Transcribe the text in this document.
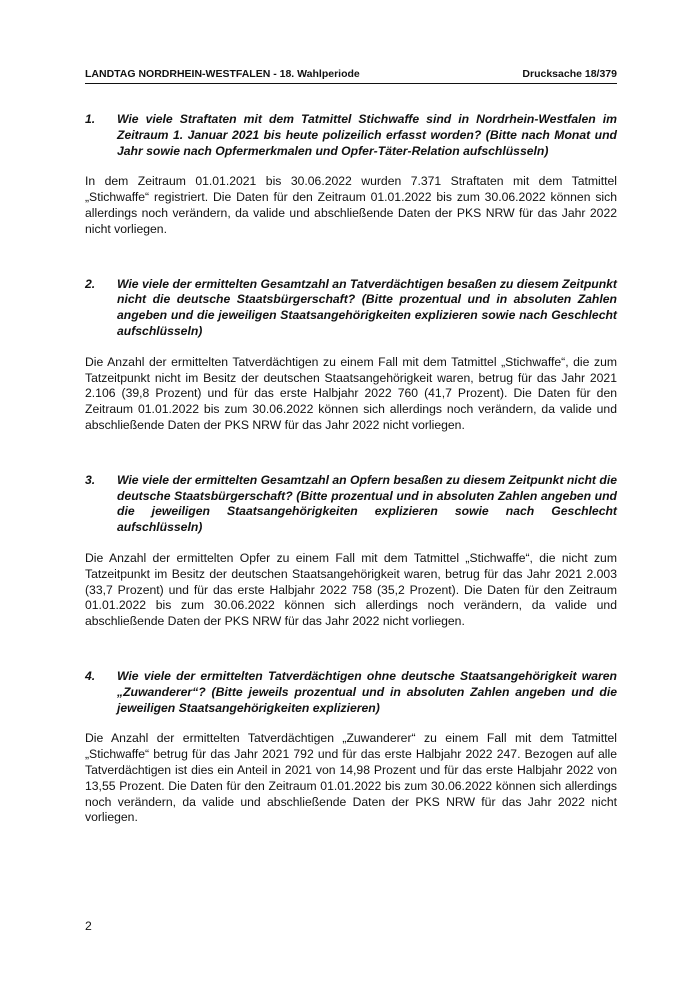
LANDTAG NORDRHEIN-WESTFALEN - 18. Wahlperiode	Drucksache 18/379
1.	Wie viele Straftaten mit dem Tatmittel Stichwaffe sind in Nordrhein-Westfalen im Zeitraum 1. Januar 2021 bis heute polizeilich erfasst worden? (Bitte nach Monat und Jahr sowie nach Opfermerkmalen und Opfer-Täter-Relation aufschlüsseln)

In dem Zeitraum 01.01.2021 bis 30.06.2022 wurden 7.371 Straftaten mit dem Tatmittel „Stichwaffe“ registriert. Die Daten für den Zeitraum 01.01.2022 bis zum 30.06.2022 können sich allerdings noch verändern, da valide und abschließende Daten der PKS NRW für das Jahr 2022 nicht vorliegen.

2.	Wie viele der ermittelten Gesamtzahl an Tatverdächtigen besaßen zu diesem Zeitpunkt nicht die deutsche Staatsbürgerschaft? (Bitte prozentual und in absoluten Zahlen angeben und die jeweiligen Staatsangehörigkeiten explizieren sowie nach Geschlecht aufschlüsseln)

Die Anzahl der ermittelten Tatverdächtigen zu einem Fall mit dem Tatmittel „Stichwaffe“, die zum Tatzeitpunkt nicht im Besitz der deutschen Staatsangehörigkeit waren, betrug für das Jahr 2021 2.106 (39,8 Prozent) und für das erste Halbjahr 2022 760 (41,7 Prozent). Die Daten für den Zeitraum 01.01.2022 bis zum 30.06.2022 können sich allerdings noch verändern, da valide und abschließende Daten der PKS NRW für das Jahr 2022 nicht vorliegen.

3.	Wie viele der ermittelten Gesamtzahl an Opfern besaßen zu diesem Zeitpunkt nicht die deutsche Staatsbürgerschaft? (Bitte prozentual und in absoluten Zahlen angeben und die jeweiligen Staatsangehörigkeiten explizieren sowie nach Geschlecht aufschlüsseln)

Die Anzahl der ermittelten Opfer zu einem Fall mit dem Tatmittel „Stichwaffe“, die nicht zum Tatzeitpunkt im Besitz der deutschen Staatsangehörigkeit waren, betrug für das Jahr 2021 2.003 (33,7 Prozent) und für das erste Halbjahr 2022 758 (35,2 Prozent). Die Daten für den Zeitraum 01.01.2022 bis zum 30.06.2022 können sich allerdings noch verändern, da valide und abschließende Daten der PKS NRW für das Jahr 2022 nicht vorliegen.

4.	Wie viele der ermittelten Tatverdächtigen ohne deutsche Staatsangehörigkeit waren „Zuwanderer“? (Bitte jeweils prozentual und in absoluten Zahlen angeben und die jeweiligen Staatsangehörigkeiten explizieren)

Die Anzahl der ermittelten Tatverdächtigen „Zuwanderer“ zu einem Fall mit dem Tatmittel „Stichwaffe“ betrug für das Jahr 2021 792 und für das erste Halbjahr 2022 247. Bezogen auf alle Tatverdächtigen ist dies ein Anteil in 2021 von 14,98 Prozent und für das erste Halbjahr 2022 von 13,55 Prozent. Die Daten für den Zeitraum 01.01.2022 bis zum 30.06.2022 können sich allerdings noch verändern, da valide und abschließende Daten der PKS NRW für das Jahr 2022 nicht vorliegen.

2
